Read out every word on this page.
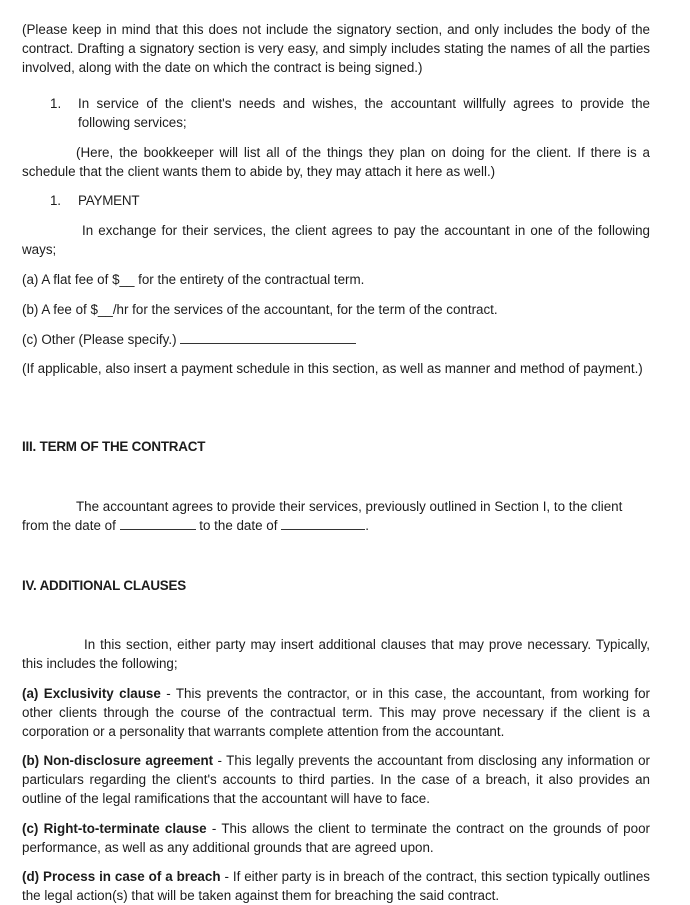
(Please keep in mind that this does not include the signatory section, and only includes the body of the contract. Drafting a signatory section is very easy, and simply includes stating the names of all the parties involved, along with the date on which the contract is being signed.)

1.	In service of the client's needs and wishes, the accountant willfully agrees to provide the following services;

(Here, the bookkeeper will list all of the things they plan on doing for the client. If there is a schedule that the client wants them to abide by, they may attach it here as well.)

1.	PAYMENT

In exchange for their services, the client agrees to pay the accountant in one of the following ways;

(a) A flat fee of $__ for the entirety of the contractual term.

(b) A fee of $__/hr for the services of the accountant, for the term of the contract.

(c) Other (Please specify.)

(If applicable, also insert a payment schedule in this section, as well as manner and method of payment.)

III. TERM OF THE CONTRACT

The accountant agrees to provide their services, previously outlined in Section I, to the client from the date of	to the date of	.

IV. ADDITIONAL CLAUSES

In this section, either party may insert additional clauses that may prove necessary. Typically, this includes the following;

(a) Exclusivity clause - This prevents the contractor, or in this case, the accountant, from working for other clients through the course of the contractual term. This may prove necessary if the client is a corporation or a personality that warrants complete attention from the accountant.

(b) Non-disclosure agreement - This legally prevents the accountant from disclosing any information or particulars regarding the client's accounts to third parties. In the case of a breach, it also provides an outline of the legal ramifications that the accountant will have to face.

(c) Right-to-terminate clause - This allows the client to terminate the contract on the grounds of poor performance, as well as any additional grounds that are agreed upon.

(d) Process in case of a breach - If either party is in breach of the contract, this section typically outlines the legal action(s) that will be taken against them for breaching the said contract.
